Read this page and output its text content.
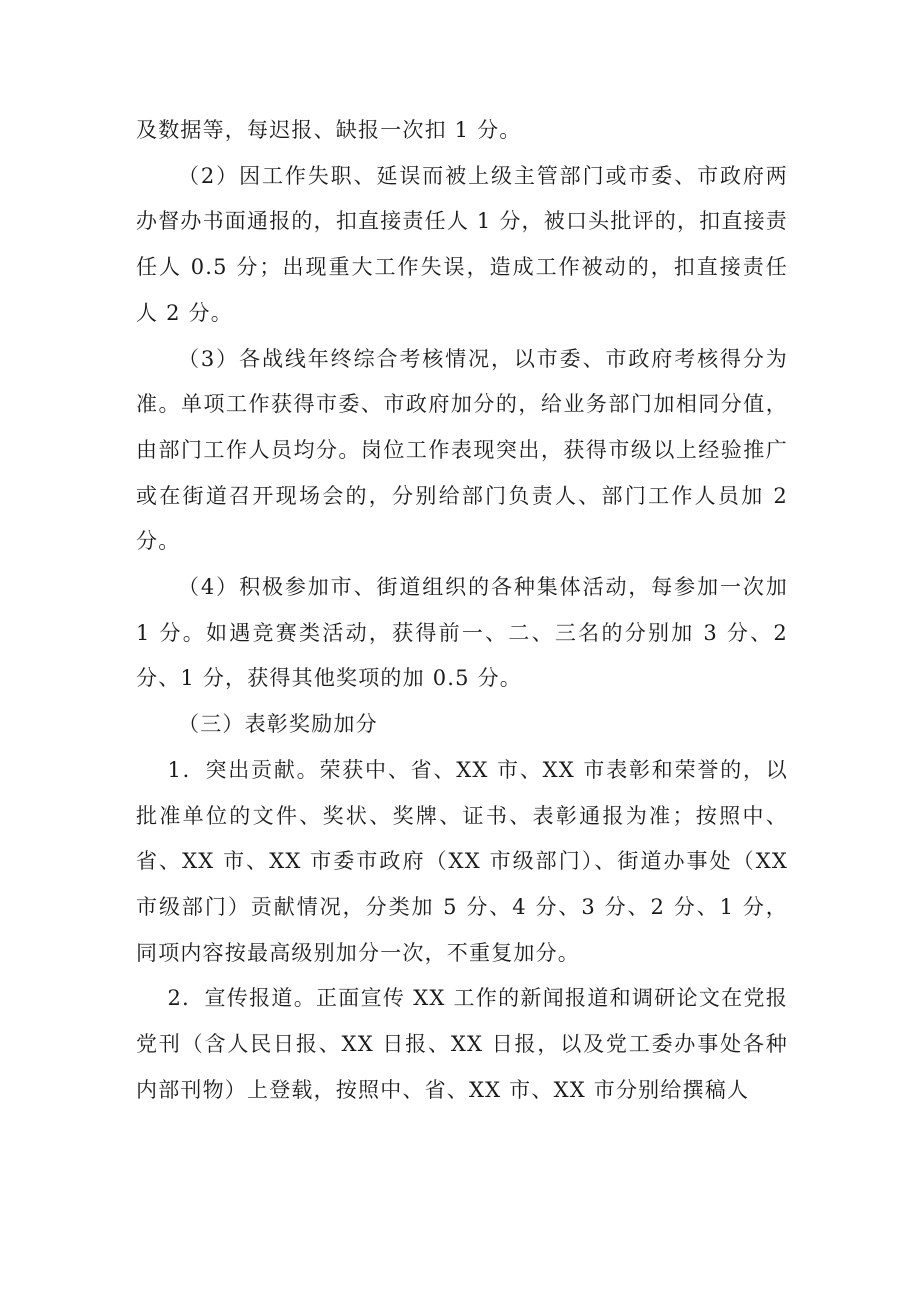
及数据等，每迟报、缺报一次扣 1 分。

（2）因工作失职、延误而被上级主管部门或市委、市政府两办督办书面通报的，扣直接责任人 1 分，被口头批评的，扣直接责任人 0.5 分；出现重大工作失误，造成工作被动的，扣直接责任人 2 分。

（3）各战线年终综合考核情况，以市委、市政府考核得分为准。单项工作获得市委、市政府加分的，给业务部门加相同分值，由部门工作人员均分。岗位工作表现突出，获得市级以上经验推广或在街道召开现场会的，分别给部门负责人、部门工作人员加 2 分。

（4）积极参加市、街道组织的各种集体活动，每参加一次加 1 分。如遇竞赛类活动，获得前一、二、三名的分别加 3 分、2 分、1 分，获得其他奖项的加 0.5 分。

（三）表彰奖励加分

1．突出贡献。荣获中、省、XX 市、XX 市表彰和荣誉的，以批准单位的文件、奖状、奖牌、证书、表彰通报为准；按照中、省、XX 市、XX 市委市政府（XX 市级部门）、街道办事处（XX 市级部门）贡献情况，分类加 5 分、4 分、3 分、2 分、1 分，同项内容按最高级别加分一次，不重复加分。

2．宣传报道。正面宣传 XX 工作的新闻报道和调研论文在党报党刊（含人民日报、XX 日报、XX 日报，以及党工委办事处各种内部刊物）上登载，按照中、省、XX 市、XX 市分别给撰稿人
